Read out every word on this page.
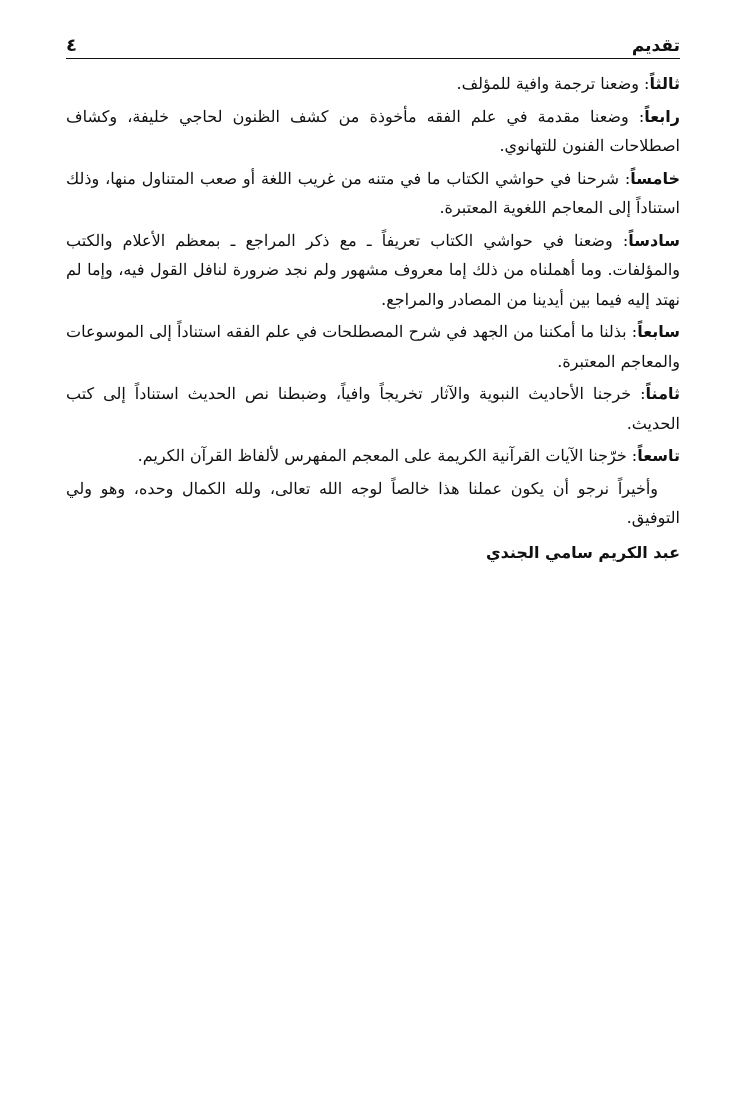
تقديم
٤

ثالثاً: وضعنا ترجمة وافية للمؤلف.

رابعاً: وضعنا مقدمة في علم الفقه مأخوذة من كشف الظنون لحاجي خليفة، وكشاف اصطلاحات الفنون للتهانوي.

خامساً: شرحنا في حواشي الكتاب ما في متنه من غريب اللغة أو صعب المتناول منها، وذلك استناداً إلى المعاجم اللغوية المعتبرة.

سادساً: وضعنا في حواشي الكتاب تعريفاً ـ مع ذكر المراجع ـ بمعظم الأعلام والكتب والمؤلفات. وما أهملناه من ذلك إما معروف مشهور ولم نجد ضرورة لنافل القول فيه، وإما لم نهتد إليه فيما بين أيدينا من المصادر والمراجع.

سابعاً: بذلنا ما أمكننا من الجهد في شرح المصطلحات في علم الفقه استناداً إلى الموسوعات والمعاجم المعتبرة.

ثامناً: خرجنا الأحاديث النبوية والآثار تخريجاً وافياً، وضبطنا نص الحديث استناداً إلى كتب الحديث.

تاسعاً: خرّجنا الآيات القرآنية الكريمة على المعجم المفهرس لألفاظ القرآن الكريم.

وأخيراً نرجو أن يكون عملنا هذا خالصاً لوجه الله تعالى، ولله الكمال وحده، وهو ولي التوفيق.

عبد الكريم سامي الجندي
